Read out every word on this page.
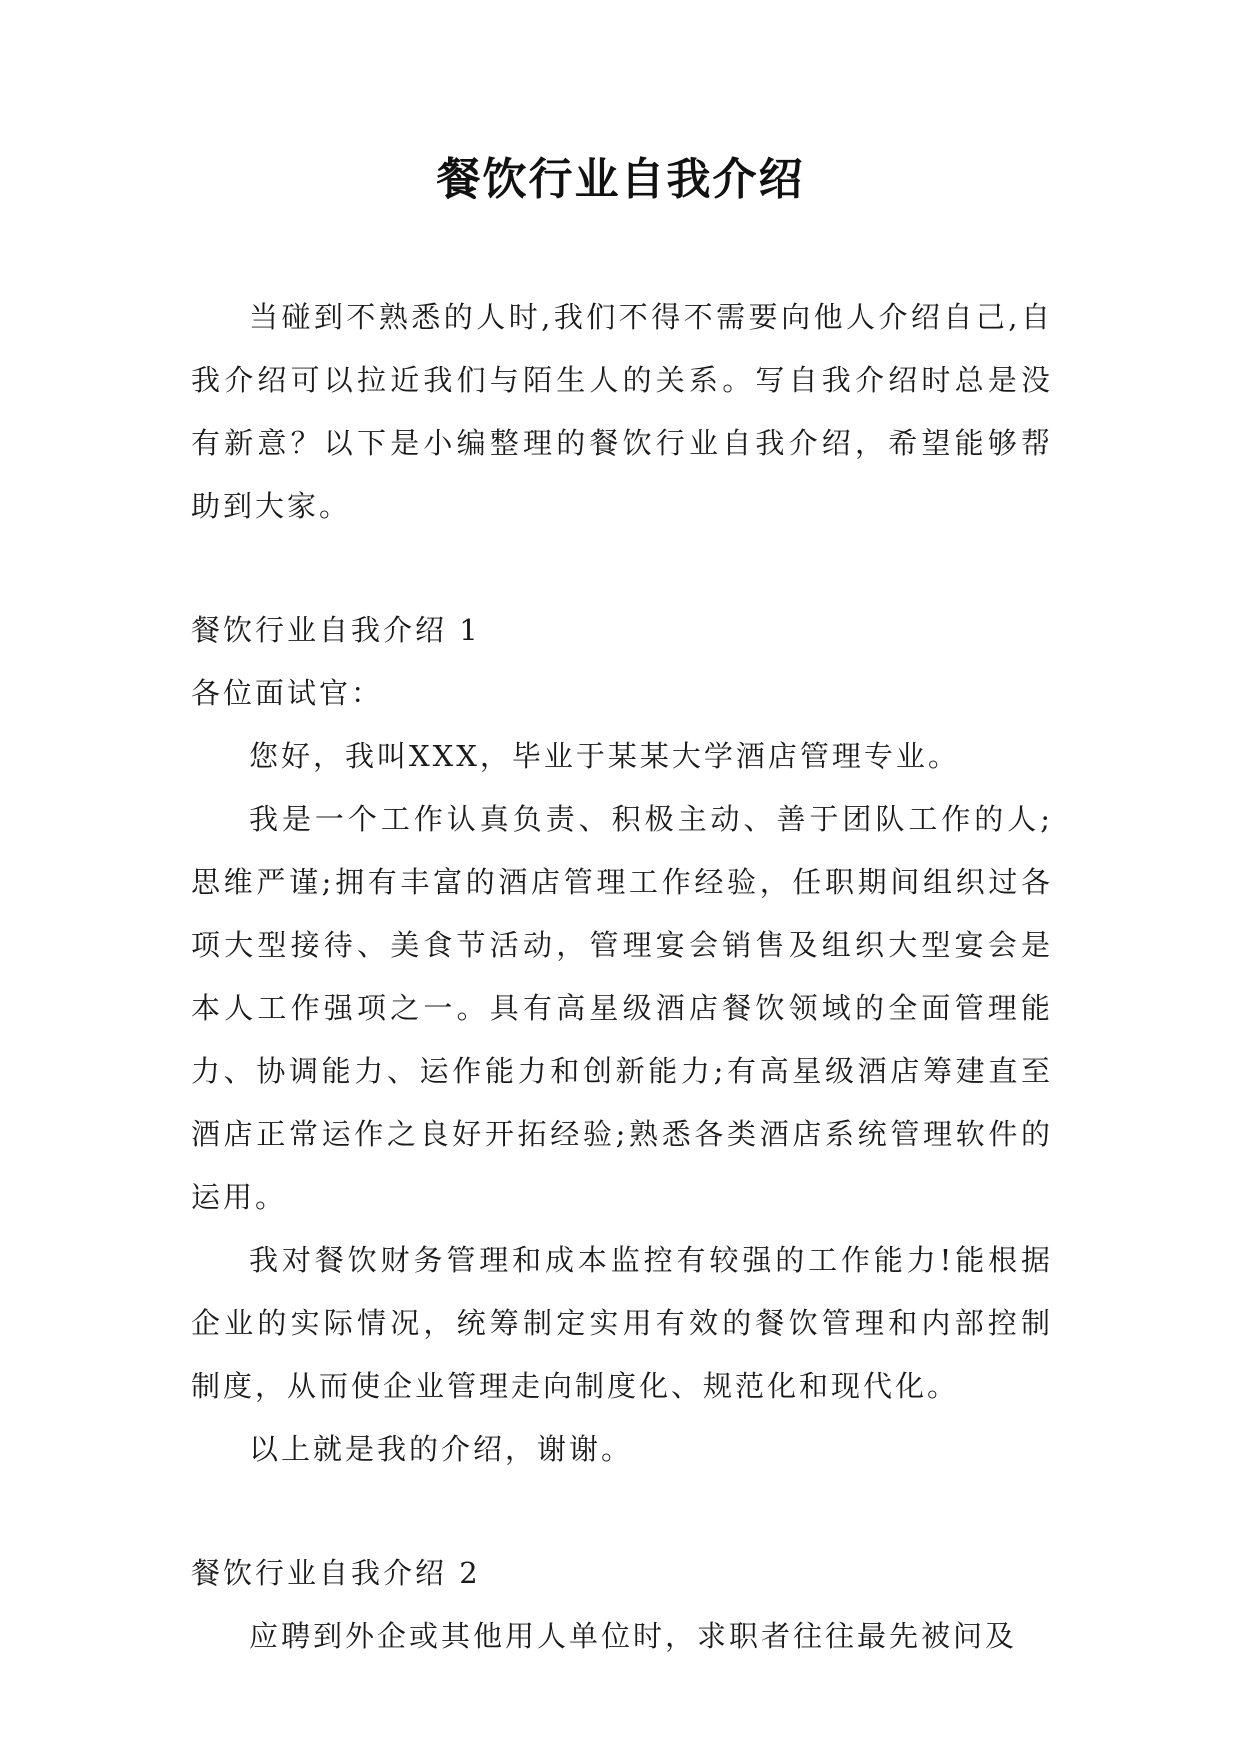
餐饮行业自我介绍

当碰到不熟悉的人时,我们不得不需要向他人介绍自己,自我介绍可以拉近我们与陌生人的关系。写自我介绍时总是没有新意？以下是小编整理的餐饮行业自我介绍，希望能够帮助到大家。

餐饮行业自我介绍 1

各位面试官：

您好，我叫XXX，毕业于某某大学酒店管理专业。

我是一个工作认真负责、积极主动、善于团队工作的人;思维严谨;拥有丰富的酒店管理工作经验，任职期间组织过各项大型接待、美食节活动，管理宴会销售及组织大型宴会是本人工作强项之一。具有高星级酒店餐饮领域的全面管理能力、协调能力、运作能力和创新能力;有高星级酒店筹建直至酒店正常运作之良好开拓经验;熟悉各类酒店系统管理软件的运用。

我对餐饮财务管理和成本监控有较强的工作能力!能根据企业的实际情况，统筹制定实用有效的餐饮管理和内部控制制度，从而使企业管理走向制度化、规范化和现代化。

以上就是我的介绍，谢谢。

餐饮行业自我介绍 2

应聘到外企或其他用人单位时，求职者往往最先被问及
